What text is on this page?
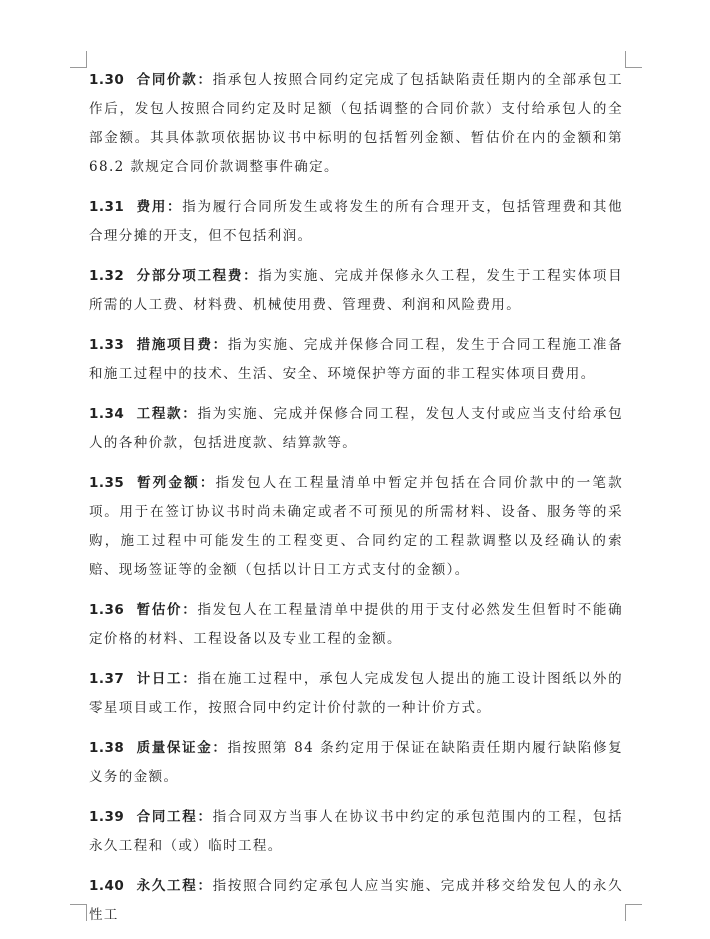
1.30 合同价款：指承包人按照合同约定完成了包括缺陷责任期内的全部承包工作后，发包人按照合同约定及时足额（包括调整的合同价款）支付给承包人的全部金额。其具体款项依据协议书中标明的包括暂列金额、暂估价在内的金额和第 68.2 款规定合同价款调整事件确定。

1.31 费用：指为履行合同所发生或将发生的所有合理开支，包括管理费和其他合理分摊的开支，但不包括利润。

1.32 分部分项工程费：指为实施、完成并保修永久工程，发生于工程实体项目所需的人工费、材料费、机械使用费、管理费、利润和风险费用。

1.33 措施项目费：指为实施、完成并保修合同工程，发生于合同工程施工准备和施工过程中的技术、生活、安全、环境保护等方面的非工程实体项目费用。

1.34 工程款：指为实施、完成并保修合同工程，发包人支付或应当支付给承包人的各种价款，包括进度款、结算款等。

1.35 暂列金额：指发包人在工程量清单中暂定并包括在合同价款中的一笔款项。用于在签订协议书时尚未确定或者不可预见的所需材料、设备、服务等的采购，施工过程中可能发生的工程变更、合同约定的工程款调整以及经确认的索赔、现场签证等的金额（包括以计日工方式支付的金额）。

1.36 暂估价：指发包人在工程量清单中提供的用于支付必然发生但暂时不能确定价格的材料、工程设备以及专业工程的金额。

1.37 计日工：指在施工过程中，承包人完成发包人提出的施工设计图纸以外的零星项目或工作，按照合同中约定计价付款的一种计价方式。

1.38 质量保证金：指按照第 84 条约定用于保证在缺陷责任期内履行缺陷修复义务的金额。

1.39 合同工程：指合同双方当事人在协议书中约定的承包范围内的工程，包括永久工程和（或）临时工程。

1.40 永久工程：指按照合同约定承包人应当实施、完成并移交给发包人的永久性工
